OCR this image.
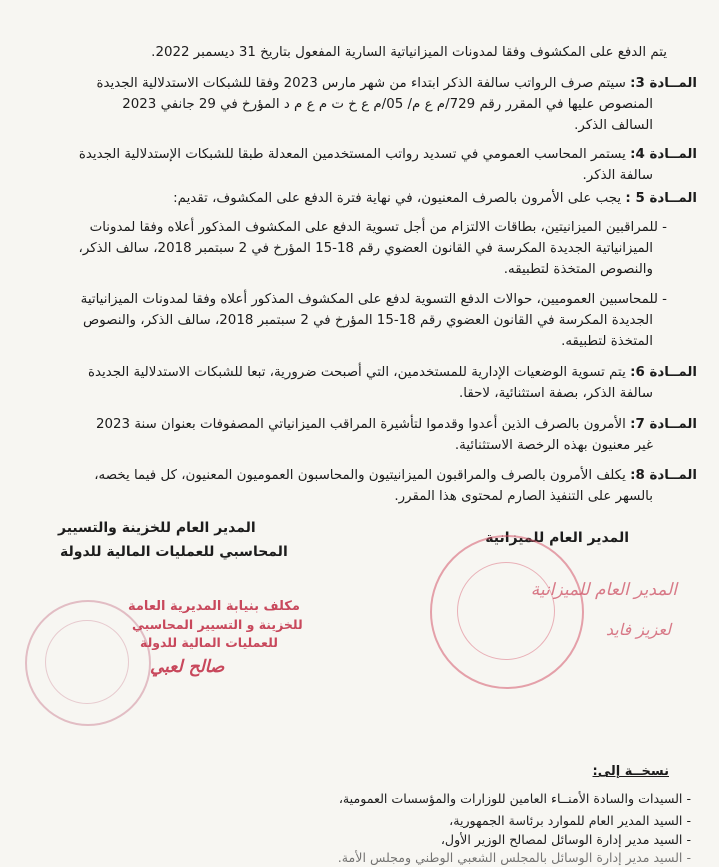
يتم الدفع على المكشوف وفقا لمدونات الميزانياتية السارية المفعول بتاريخ 31 ديسمبر 2022.
المــادة 3: سيتم صرف الرواتب سالفة الذكر ابتداء من شهر مارس 2023 وفقا للشبكات الاستدلالية الجديدة
المنصوص عليها في المقرر رقم 729/م ع م/ 05/م ع خ ت م ع م د المؤرخ في 29 جانفي 2023
السالف الذكر.
المــادة 4: يستمر المحاسب العمومي في تسديد رواتب المستخدمين المعدلة طبقا للشبكات الإستدلالية الجديدة
سالفة الذكر.
المــادة 5 : يجب على الأمرون بالصرف المعنيون، في نهاية فترة الدفع على المكشوف، تقديم:
- للمراقبين الميزانيتين، بطاقات الالتزام من أجل تسوية الدفع على المكشوف المذكور أعلاه وفقا لمدونات
الميزانياتية الجديدة المكرسة في القانون العضوي رقم 18-15 المؤرخ في 2 سبتمبر 2018، سالف الذكر،
والنصوص المتخذة لتطبيقه.
- للمحاسبين العموميين، حوالات الدفع التسوية لدفع على المكشوف المذكور أعلاه وفقا لمدونات الميزانياتية
الجديدة المكرسة في القانون العضوي رقم 18-15 المؤرخ في 2 سبتمبر 2018، سالف الذكر، والنصوص
المتخذة لتطبيقه.
المــادة 6: يتم تسوية الوضعيات الإدارية للمستخدمين، التي أصبحت ضرورية، تبعا للشبكات الاستدلالية الجديدة
سالفة الذكر، بصفة استثنائية، لاحقا.
المــادة 7: الأمرون بالصرف الذين أعدوا وقدموا لتأشيرة المراقب الميزانياتي المصفوفات بعنوان سنة 2023
غير معنيون بهذه الرخصة الاستثنائية.
المــادة 8: يكلف الأمرون بالصرف والمراقبون الميزانيتيون والمحاسبون العموميون المعنيون، كل فيما يخصه،
بالسهر على التنفيذ الصارم لمحتوى هذا المقرر.
المدير العام للميزانية
المدير العام للخزينة والتسيير
المحاسبي للعمليات المالية للدولة
مكلف بنيابة المديرية العامة
للخزينة و التسيير المحاسبي
للعمليات المالية للدولة
صالح لعبي
المدير العام للميزانية
لعزيز فايد
نسخــة إلى:
- السيدات والسادة الأمنــاء العامين للوزارات والمؤسسات العمومية،
- السيد المدير العام للموارد برئاسة الجمهورية،
- السيد مدير إدارة الوسائل لمصالح الوزير الأول،
- السيد مدير إدارة الوسائل بالمجلس الشعبي الوطني ومجلس الأمة.
